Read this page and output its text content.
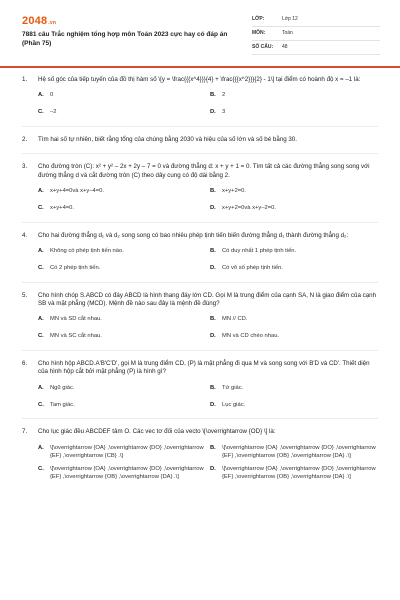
2048.vn
7881 câu Trắc nghiệm tổng hợp môn Toán 2023 cực hay có đáp án (Phần 75)
LỚP:	Lớp 12
MÔN:	Toán
SỐ CÂU:	48
1. Hệ số góc của tiếp tuyến của đồ thị hàm số \[y = \frac{{{x^4}}}{4} + \frac{{{x^2}}}{2} - 1\] tại điểm có hoành độ x = –1 là:
A.	0	B.	2
C.	–2	D.	3
2. Tìm hai số tự nhiên, biết rằng tổng của chúng bằng 2030 và hiệu của số lớn và số bé bằng 30.
3. Cho đường tròn (C): x² + y² – 2x + 2y – 7 = 0 và đường thẳng d: x + y + 1 = 0. Tìm tất cả các đường thẳng song song với đường thẳng d và cắt đường tròn (C) theo dây cung có độ dài bằng 2.
A.	x+y+4=0và x+y–4=0.	B.	x+y+2=0.
C.	x+y+4=0.	D.	x+y+2=0và x+y–2=0.
4. Cho hai đường thẳng d₁ và d₂ song song có bao nhiêu phép tịnh tiến biến đường thẳng d₁ thành đường thẳng d₂:
A.	Không có phép tịnh tiến nào.	B.	Có duy nhất 1 phép tịnh tiến.
C.	Có 2 phép tịnh tiến.	D.	Có vô số phép tịnh tiến.
5. Cho hình chóp S.ABCD có đáy ABCD là hình thang đáy lớn CD. Gọi M là trung điểm của cạnh SA, N là giao điểm của cạnh SB và mặt phẳng (MCD). Mệnh đề nào sau đây là mệnh đề đúng?
A.	MN và SD cắt nhau.	B.	MN // CD.
C.	MN và SC cắt nhau.	D.	MN và CD chéo nhau.
6. Cho hình hộp ABCD.A'B'C'D', gọi M là trung điểm CD, (P) là mặt phẳng đi qua M và song song với B'D và CD'. Thiết diện của hình hộp cắt bởi mặt phẳng (P) là hình gì?
A.	Ngũ giác.	B.	Tứ giác.
C.	Tam giác.	D.	Lục giác.
7. Cho lục giác đều ABCDEF tâm O. Các vec tơ đối của vecto \[\overrightarrow {OD} \] là:
A.	\[\overrightarrow {OA} ,\overrightarrow {DO} ,\overrightarrow {EF} ,\overrightarrow {CB} .\]
B.	\[\overrightarrow {OA} ,\overrightarrow {DO} ,\overrightarrow {EF} ,\overrightarrow {OB} ,\overrightarrow {DA} .\]
C.	\[\overrightarrow {OA} ,\overrightarrow {DO} ,\overrightarrow {EF} ,\overrightarrow {OB} ,\overrightarrow {DA} .\]
D.	\[\overrightarrow {OA} ,\overrightarrow {DO} ,\overrightarrow {EF} ,\overrightarrow {OB} ,\overrightarrow {DA} .\]
